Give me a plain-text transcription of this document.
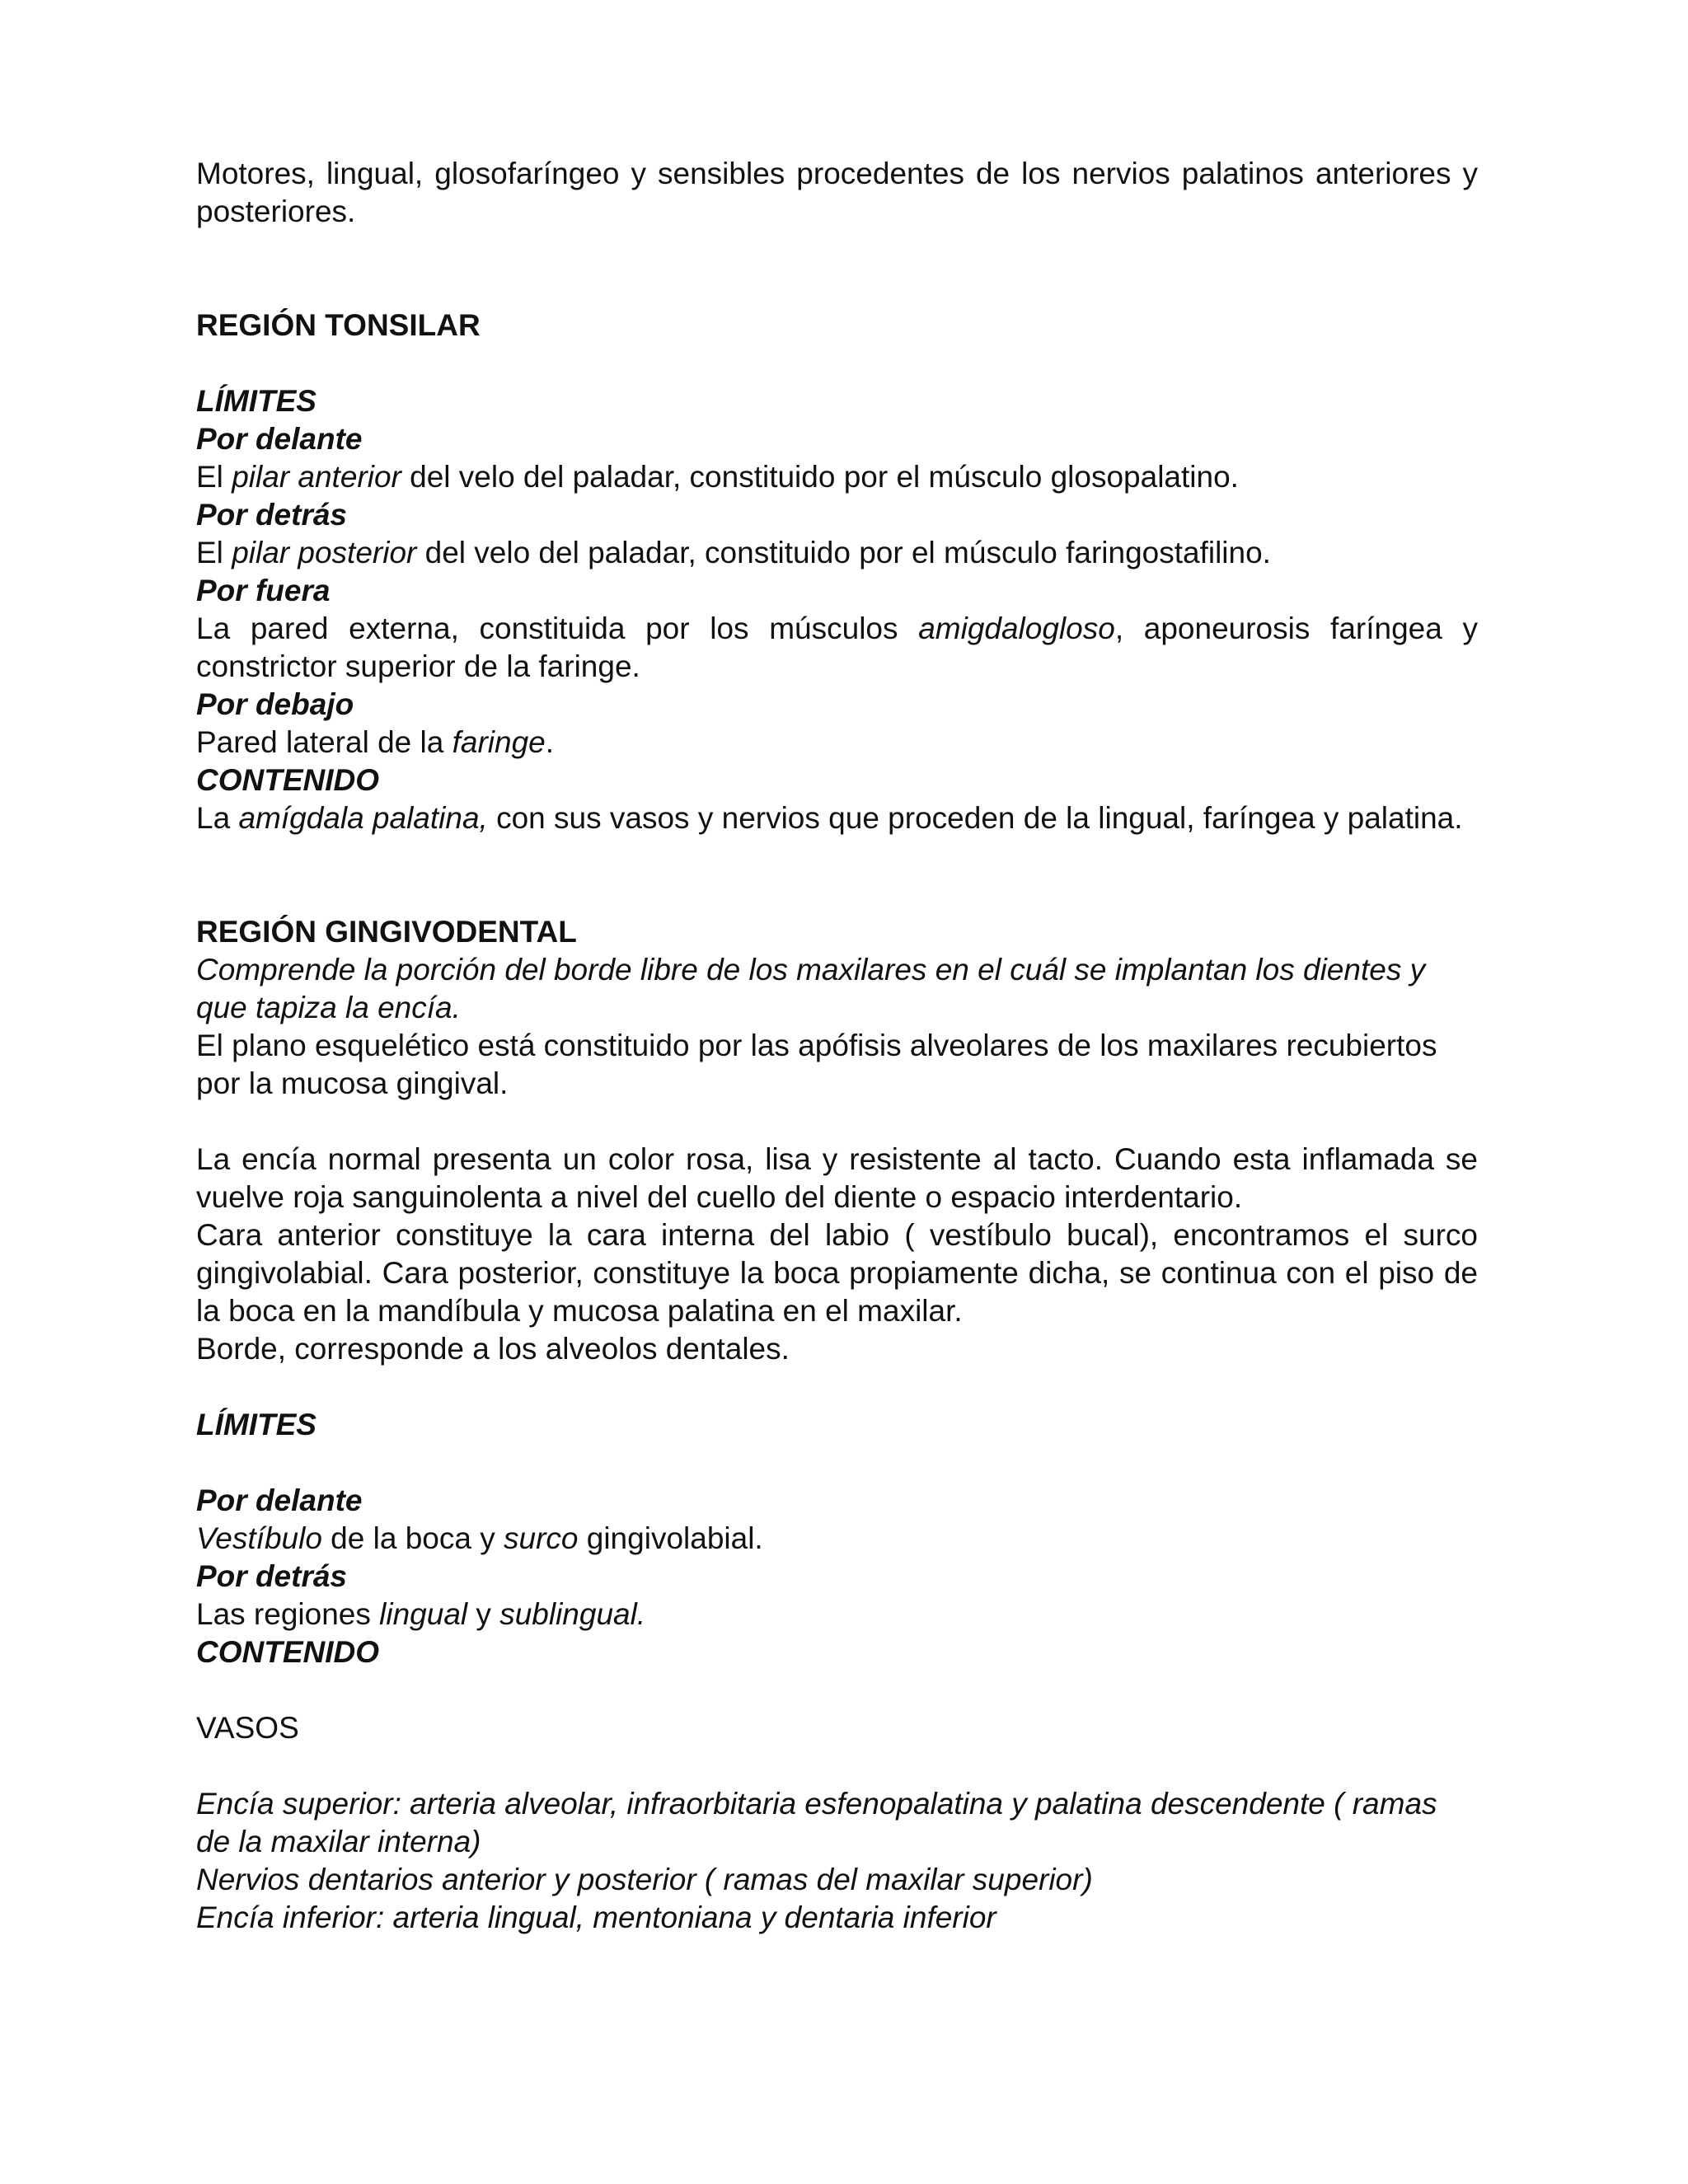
Motores, lingual, glosofaríngeo y sensibles procedentes de los nervios palatinos anteriores y posteriores.

REGIÓN TONSILAR

LÍMITES

Por delante

El pilar anterior del velo del paladar, constituido por el músculo glosopalatino.

Por detrás

El pilar posterior del velo del paladar, constituido por el músculo faringostafilino.

Por fuera

La pared externa, constituida por los músculos amigdalogloso, aponeurosis faríngea y constrictor superior de la faringe.

Por debajo

Pared lateral de la faringe.

CONTENIDO

La amígdala palatina, con sus vasos y nervios que proceden de la lingual, faríngea y palatina.

REGIÓN GINGIVODENTAL

Comprende la porción del borde libre de los maxilares en el cuál se implantan los dientes y que tapiza la encía.

El plano esquelético está constituido por las apófisis alveolares de los maxilares recubiertos por la mucosa gingival.

La encía normal presenta un color rosa, lisa y resistente al tacto. Cuando esta inflamada se vuelve roja sanguinolenta a nivel del cuello del diente o espacio interdentario.

Cara anterior constituye la cara interna del labio ( vestíbulo bucal), encontramos el surco gingivolabial. Cara posterior, constituye la boca propiamente dicha, se continua con el piso de la boca en la mandíbula y mucosa palatina en el maxilar.

Borde, corresponde a los alveolos dentales.

LÍMITES

Por delante

Vestíbulo de la boca y surco gingivolabial.

Por detrás

Las regiones lingual y sublingual.

CONTENIDO

VASOS

Encía superior: arteria alveolar, infraorbitaria esfenopalatina y palatina descendente ( ramas de la maxilar interna)

Nervios dentarios anterior y posterior ( ramas del maxilar superior)

Encía inferior: arteria lingual, mentoniana y dentaria inferior
